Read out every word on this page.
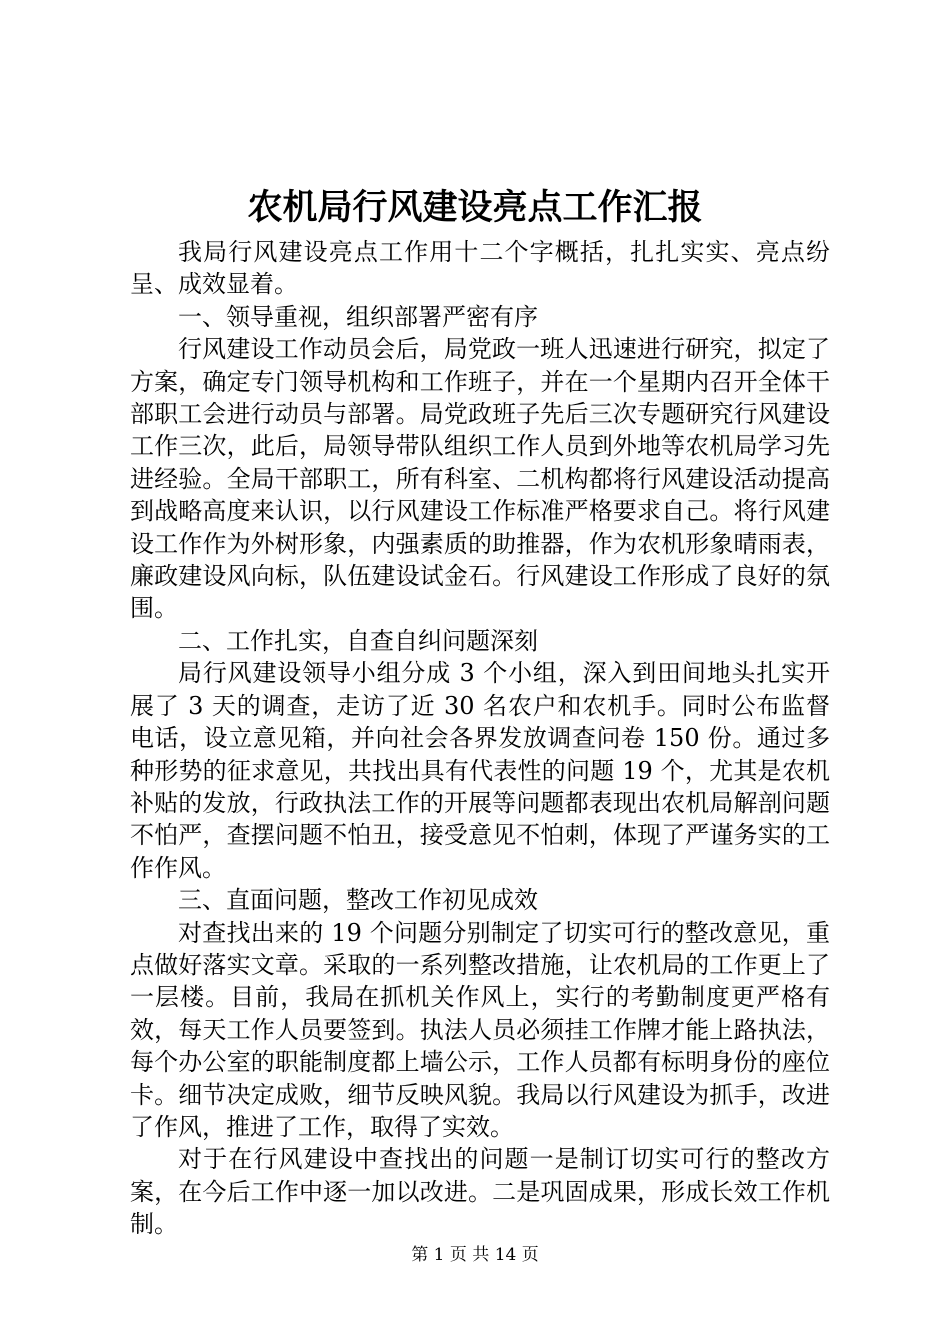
农机局行风建设亮点工作汇报

我局行风建设亮点工作用十二个字概括，扎扎实实、亮点纷呈、成效显着。

一、领导重视，组织部署严密有序

行风建设工作动员会后，局党政一班人迅速进行研究，拟定了方案，确定专门领导机构和工作班子，并在一个星期内召开全体干部职工会进行动员与部署。局党政班子先后三次专题研究行风建设工作三次，此后，局领导带队组织工作人员到外地等农机局学习先进经验。全局干部职工，所有科室、二机构都将行风建设活动提高到战略高度来认识，以行风建设工作标准严格要求自己。将行风建设工作作为外树形象，内强素质的助推器，作为农机形象晴雨表，廉政建设风向标，队伍建设试金石。行风建设工作形成了良好的氛围。

二、工作扎实，自查自纠问题深刻

局行风建设领导小组分成 3 个小组，深入到田间地头扎实开展了 3 天的调查，走访了近 30 名农户和农机手。同时公布监督电话，设立意见箱，并向社会各界发放调查问卷 150 份。通过多种形势的征求意见，共找出具有代表性的问题 19 个，尤其是农机补贴的发放，行政执法工作的开展等问题都表现出农机局解剖问题不怕严，查摆问题不怕丑，接受意见不怕刺，体现了严谨务实的工作作风。

三、直面问题，整改工作初见成效

对查找出来的 19 个问题分别制定了切实可行的整改意见，重点做好落实文章。采取的一系列整改措施，让农机局的工作更上了一层楼。目前，我局在抓机关作风上，实行的考勤制度更严格有效，每天工作人员要签到。执法人员必须挂工作牌才能上路执法，每个办公室的职能制度都上墙公示，工作人员都有标明身份的座位卡。细节决定成败，细节反映风貌。我局以行风建设为抓手，改进了作风，推进了工作，取得了实效。

对于在行风建设中查找出的问题一是制订切实可行的整改方案，在今后工作中逐一加以改进。二是巩固成果，形成长效工作机制。

第 1 页 共 14 页
